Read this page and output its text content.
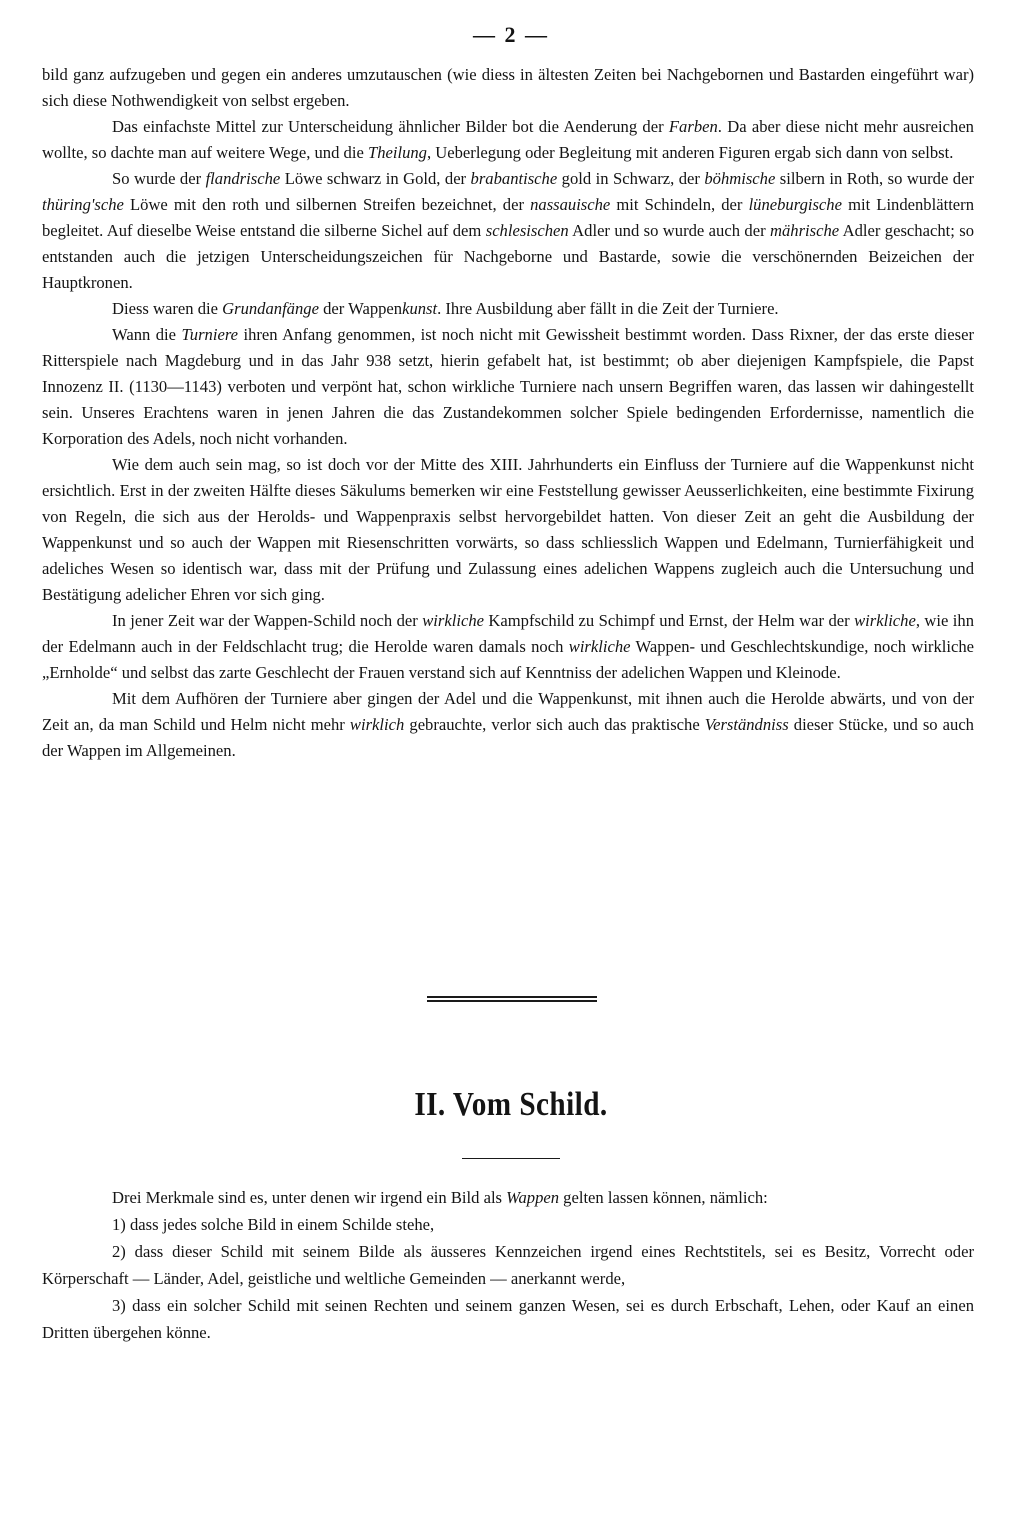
— 2 —

bild ganz aufzugeben und gegen ein anderes umzutauschen (wie diess in ältesten Zeiten bei Nachgebornen und Bastarden eingeführt war) sich diese Nothwendigkeit von selbst ergeben.

Das einfachste Mittel zur Unterscheidung ähnlicher Bilder bot die Aenderung der Farben. Da aber diese nicht mehr ausreichen wollte, so dachte man auf weitere Wege, und die Theilung, Ueberlegung oder Begleitung mit anderen Figuren ergab sich dann von selbst.

So wurde der flandrische Löwe schwarz in Gold, der brabantische gold in Schwarz, der böhmische silbern in Roth, so wurde der thüring'sche Löwe mit den roth und silbernen Streifen bezeichnet, der nassauische mit Schindeln, der lüneburgische mit Lindenblättern begleitet. Auf dieselbe Weise entstand die silberne Sichel auf dem schlesischen Adler und so wurde auch der mährische Adler geschacht; so entstanden auch die jetzigen Unterscheidungszeichen für Nachgeborne und Bastarde, sowie die verschönernden Beizeichen der Hauptkronen.

Diess waren die Grundanfänge der Wappenkunst. Ihre Ausbildung aber fällt in die Zeit der Turniere.

Wann die Turniere ihren Anfang genommen, ist noch nicht mit Gewissheit bestimmt worden. Dass Rixner, der das erste dieser Ritterspiele nach Magdeburg und in das Jahr 938 setzt, hierin gefabelt hat, ist bestimmt; ob aber diejenigen Kampfspiele, die Papst Innozenz II. (1130—1143) verboten und verpönt hat, schon wirkliche Turniere nach unsern Begriffen waren, das lassen wir dahingestellt sein. Unseres Erachtens waren in jenen Jahren die das Zustandekommen solcher Spiele bedingenden Erfordernisse, namentlich die Korporation des Adels, noch nicht vorhanden.

Wie dem auch sein mag, so ist doch vor der Mitte des XIII. Jahrhunderts ein Einfluss der Turniere auf die Wappenkunst nicht ersichtlich. Erst in der zweiten Hälfte dieses Säkulums bemerken wir eine Feststellung gewisser Aeusserlichkeiten, eine bestimmte Fixirung von Regeln, die sich aus der Herolds- und Wappenpraxis selbst hervorgebildet hatten. Von dieser Zeit an geht die Ausbildung der Wappenkunst und so auch der Wappen mit Riesenschritten vorwärts, so dass schliesslich Wappen und Edelmann, Turnierfähigkeit und adeliches Wesen so identisch war, dass mit der Prüfung und Zulassung eines adelichen Wappens zugleich auch die Untersuchung und Bestätigung adelicher Ehren vor sich ging.

In jener Zeit war der Wappen-Schild noch der wirkliche Kampfschild zu Schimpf und Ernst, der Helm war der wirkliche, wie ihn der Edelmann auch in der Feldschlacht trug; die Herolde waren damals noch wirkliche Wappen- und Geschlechtskundige, noch wirkliche „Ernholde“ und selbst das zarte Geschlecht der Frauen verstand sich auf Kenntniss der adelichen Wappen und Kleinode.

Mit dem Aufhören der Turniere aber gingen der Adel und die Wappenkunst, mit ihnen auch die Herolde abwärts, und von der Zeit an, da man Schild und Helm nicht mehr wirklich gebrauchte, verlor sich auch das praktische Verständniss dieser Stücke, und so auch der Wappen im Allgemeinen.

II. Vom Schild.

Drei Merkmale sind es, unter denen wir irgend ein Bild als Wappen gelten lassen können, nämlich:

1) dass jedes solche Bild in einem Schilde stehe,

2) dass dieser Schild mit seinem Bilde als äusseres Kennzeichen irgend eines Rechtstitels, sei es Besitz, Vorrecht oder Körperschaft — Länder, Adel, geistliche und weltliche Gemeinden — anerkannt werde,

3) dass ein solcher Schild mit seinen Rechten und seinem ganzen Wesen, sei es durch Erbschaft, Lehen, oder Kauf an einen Dritten übergehen könne.
